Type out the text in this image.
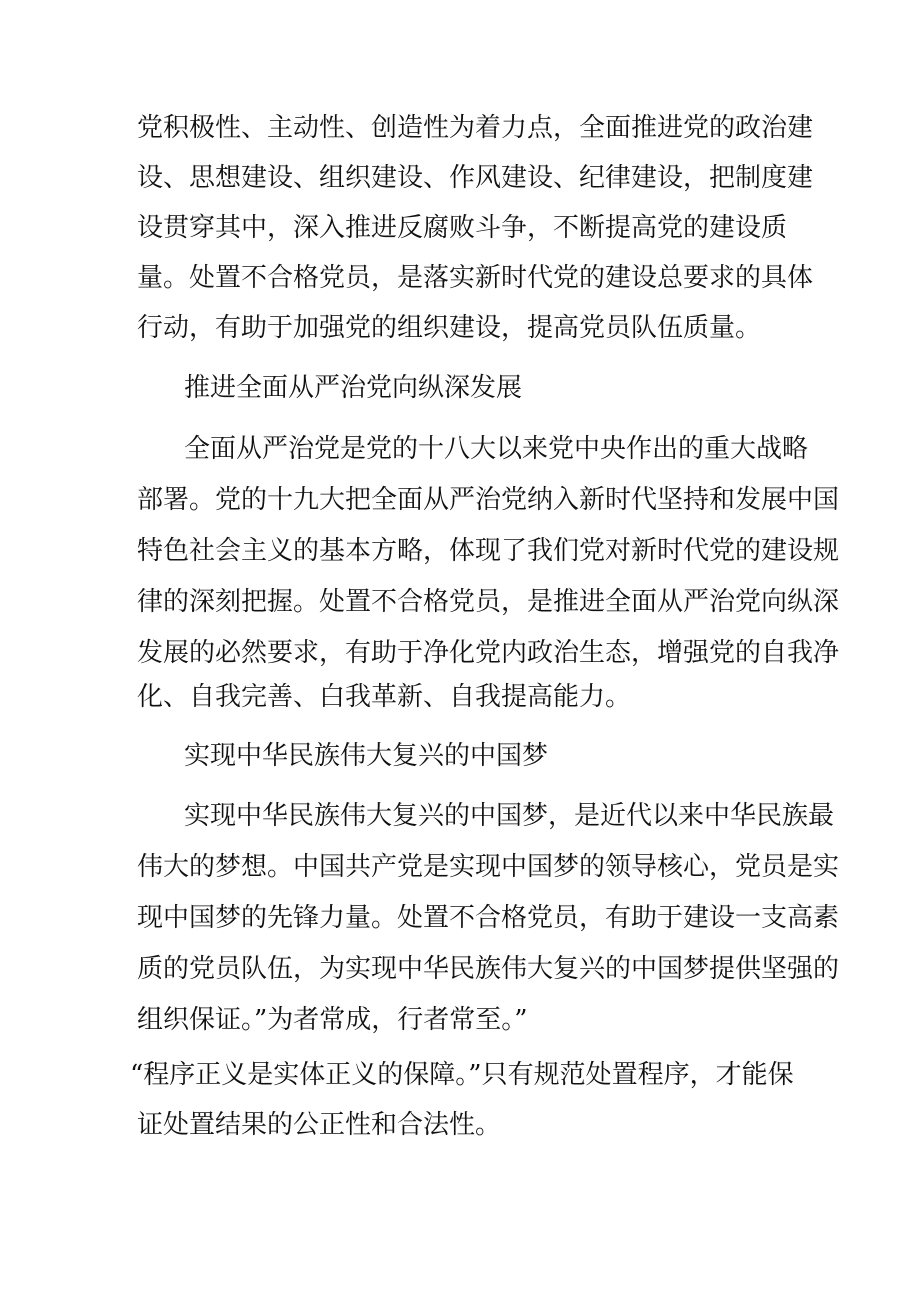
党积极性、主动性、创造性为着力点，全面推进党的政治建
设、思想建设、组织建设、作风建设、纪律建设，把制度建
设贯穿其中，深入推进反腐败斗争，不断提高党的建设质
量。处置不合格党员，是落实新时代党的建设总要求的具体
行动，有助于加强党的组织建设，提高党员队伍质量。
推进全面从严治党向纵深发展
全面从严治党是党的十八大以来党中央作出的重大战略
部署。党的十九大把全面从严治党纳入新时代坚持和发展中国
特色社会主义的基本方略，体现了我们党对新时代党的建设规
律的深刻把握。处置不合格党员，是推进全面从严治党向纵深
发展的必然要求，有助于净化党内政治生态，增强党的自我净
化、自我完善、白我革新、自我提高能力。
实现中华民族伟大复兴的中国梦
实现中华民族伟大复兴的中国梦，是近代以来中华民族最
伟大的梦想。中国共产党是实现中国梦的领导核心，党员是实
现中国梦的先锋力量。处置不合格党员，有助于建设一支高素
质的党员队伍，为实现中华民族伟大复兴的中国梦提供坚强的
组织保证。”为者常成，行者常至。”
“程序正义是实体正义的保障。”只有规范处置程序，才能保
证处置结果的公正性和合法性。
